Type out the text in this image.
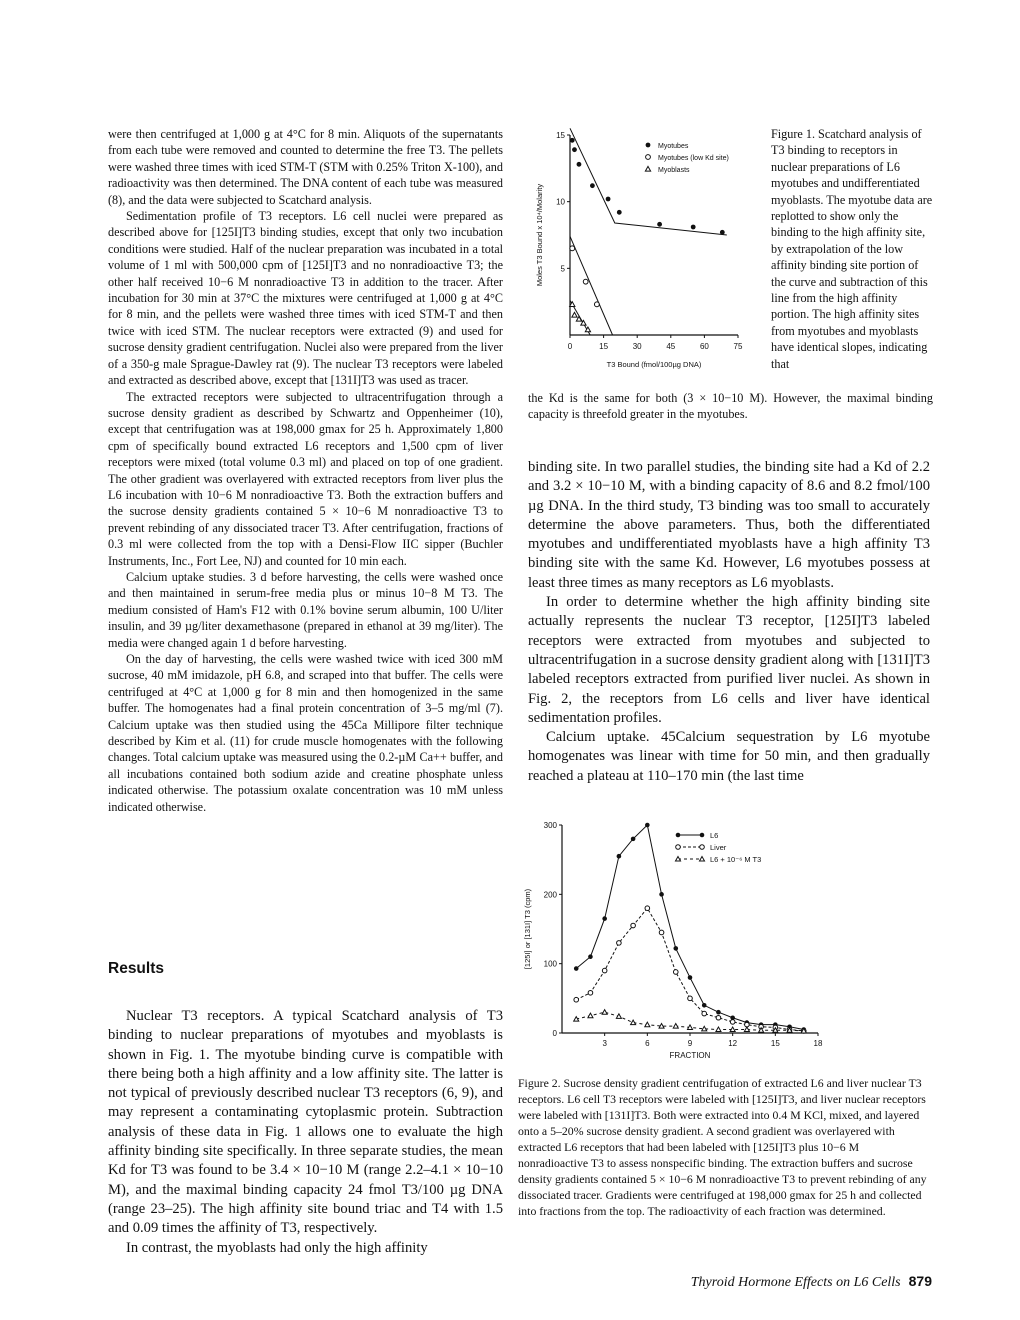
were then centrifuged at 1,000 g at 4°C for 8 min. Aliquots of the supernatants from each tube were removed and counted to determine the free T3. The pellets were washed three times with iced STM-T (STM with 0.25% Triton X-100), and radioactivity was then determined. The DNA content of each tube was measured (8), and the data were subjected to Scatchard analysis.

Sedimentation profile of T3 receptors. L6 cell nuclei were prepared as described above for [125I]T3 binding studies, except that only two incubation conditions were studied. Half of the nuclear preparation was incubated in a total volume of 1 ml with 500,000 cpm of [125I]T3 and no nonradioactive T3; the other half received 10−6 M nonradioactive T3 in addition to the tracer. After incubation for 30 min at 37°C the mixtures were centrifuged at 1,000 g at 4°C for 8 min, and the pellets were washed three times with iced STM-T and then twice with iced STM. The nuclear receptors were extracted (9) and used for sucrose density gradient centrifugation. Nuclei also were prepared from the liver of a 350-g male Sprague-Dawley rat (9). The nuclear T3 receptors were labeled and extracted as described above, except that [131I]T3 was used as tracer.

The extracted receptors were subjected to ultracentrifugation through a sucrose density gradient as described by Schwartz and Oppenheimer (10), except that centrifugation was at 198,000 gmax for 25 h. Approximately 1,800 cpm of specifically bound extracted L6 receptors and 1,500 cpm of liver receptors were mixed (total volume 0.3 ml) and placed on top of one gradient. The other gradient was overlayered with extracted receptors from liver plus the L6 incubation with 10−6 M nonradioactive T3. Both the extraction buffers and the sucrose density gradients contained 5 × 10−6 M nonradioactive T3 to prevent rebinding of any dissociated tracer T3. After centrifugation, fractions of 0.3 ml were collected from the top with a Densi-Flow IIC sipper (Buchler Instruments, Inc., Fort Lee, NJ) and counted for 10 min each.

Calcium uptake studies. 3 d before harvesting, the cells were washed once and then maintained in serum-free media plus or minus 10−8 M T3. The medium consisted of Ham's F12 with 0.1% bovine serum albumin, 100 U/liter insulin, and 39 µg/liter dexamethasone (prepared in ethanol at 39 mg/liter). The media were changed again 1 d before harvesting.

On the day of harvesting, the cells were washed twice with iced 300 mM sucrose, 40 mM imidazole, pH 6.8, and scraped into that buffer. The cells were centrifuged at 4°C at 1,000 g for 8 min and then homogenized in the same buffer. The homogenates had a final protein concentration of 3–5 mg/ml (7). Calcium uptake was then studied using the 45Ca Millipore filter technique described by Kim et al. (11) for crude muscle homogenates with the following changes. Total calcium uptake was measured using the 0.2-µM Ca++ buffer, and all incubations contained both sodium azide and creatine phosphate unless indicated otherwise. The potassium oxalate concentration was 10 mM unless indicated otherwise.

Results

Nuclear T3 receptors. A typical Scatchard analysis of T3 binding to nuclear preparations of myotubes and myoblasts is shown in Fig. 1. The myotube binding curve is compatible with there being both a high affinity and a low affinity site. The latter is not typical of previously described nuclear T3 receptors (6, 9), and may represent a contaminating cytoplasmic protein. Subtraction analysis of these data in Fig. 1 allows one to evaluate the high affinity binding site specifically. In three separate studies, the mean Kd for T3 was found to be 3.4 × 10−10 M (range 2.2–4.1 × 10−10 M), and the maximal binding capacity 24 fmol T3/100 µg DNA (range 23–25). The high affinity site bound triac and T4 with 1.5 and 0.09 times the affinity of T3, respectively.

In contrast, the myoblasts had only the high affinity

0	15	30	45	60	75
5
10
15
T3 Bound (fmol/100µg DNA)
Moles T3 Bound x 10⁴/Molarity
Myotubes
Myotubes (low Kd site)
Myoblasts
Figure 1. Scatchard analysis of T3 binding to receptors in nuclear preparations of L6 myotubes and undifferentiated myoblasts. The myotube data are replotted to show only the binding to the high affinity site, by extrapolation of the low affinity binding site portion of the curve and subtraction of this line from the high affinity portion. The high affinity sites from myotubes and myoblasts have identical slopes, indicating that
the Kd is the same for both (3 × 10−10 M). However, the maximal binding capacity is threefold greater in the myotubes.

binding site. In two parallel studies, the binding site had a Kd of 2.2 and 3.2 × 10−10 M, with a binding capacity of 8.6 and 8.2 fmol/100 µg DNA. In the third study, T3 binding was too small to accurately determine the above parameters. Thus, both the differentiated myotubes and undifferentiated myoblasts have a high affinity T3 binding site with the same Kd. However, L6 myotubes possess at least three times as many receptors as L6 myoblasts.

In order to determine whether the high affinity binding site actually represents the nuclear T3 receptor, [125I]T3 labeled receptors were extracted from myotubes and subjected to ultracentrifugation in a sucrose density gradient along with [131I]T3 labeled receptors extracted from purified liver nuclei. As shown in Fig. 2, the receptors from L6 cells and liver have identical sedimentation profiles.

Calcium uptake. 45Calcium sequestration by L6 myotube homogenates was linear with time for 50 min, and then gradually reached a plateau at 110–170 min (the last time

3	6	9	12	15	18
0
100
200
300
FRACTION
[125I] or [131I] T3 (cpm)
L6
Liver
L6 + 10⁻⁶ M T3
Figure 2. Sucrose density gradient centrifugation of extracted L6 and liver nuclear T3 receptors. L6 cell T3 receptors were labeled with [125I]T3, and liver nuclear receptors were labeled with [131I]T3. Both were extracted into 0.4 M KCl, mixed, and layered onto a 5–20% sucrose density gradient. A second gradient was overlayered with extracted L6 receptors that had been labeled with [125I]T3 plus 10−6 M nonradioactive T3 to assess nonspecific binding. The extraction buffers and sucrose density gradients contained 5 × 10−6 M nonradioactive T3 to prevent rebinding of any dissociated tracer. Gradients were centrifuged at 198,000 gmax for 25 h and collected into fractions from the top. The radioactivity of each fraction was determined.
Thyroid Hormone Effects on L6 Cells 879
